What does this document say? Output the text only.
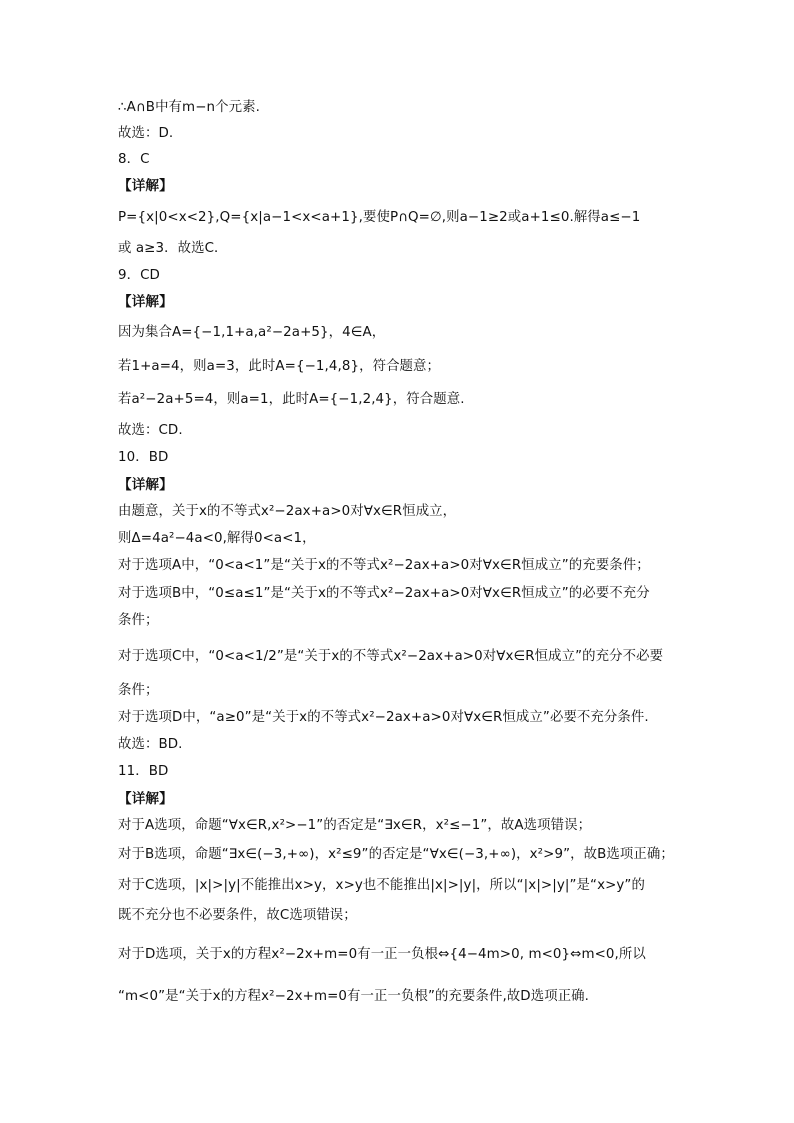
∴A∩B中有m−n个元素.
故选：D.
8．C
【详解】
P={x|0<x<2},Q={x|a−1<x<a+1},要使P∩Q=∅,则a−1≥2或a+1≤0.解得a≤−1
或 a≥3．故选C．
9．CD
【详解】
因为集合A={−1,1+a,a²−2a+5}，4∈A，
若1+a=4，则a=3，此时A={−1,4,8}，符合题意；
若a²−2a+5=4，则a=1，此时A={−1,2,4}，符合题意.
故选：CD.
10．BD
【详解】
由题意，关于x的不等式x²−2ax+a>0对∀x∈R恒成立，
则Δ=4a²−4a<0,解得0<a<1，
对于选项A中，“0<a<1”是“关于x的不等式x²−2ax+a>0对∀x∈R恒成立”的充要条件；
对于选项B中，“0≤a≤1”是“关于x的不等式x²−2ax+a>0对∀x∈R恒成立”的必要不充分
条件；
对于选项C中，“0<a<1/2”是“关于x的不等式x²−2ax+a>0对∀x∈R恒成立”的充分不必要
条件；
对于选项D中，“a≥0”是“关于x的不等式x²−2ax+a>0对∀x∈R恒成立”必要不充分条件.
故选：BD.
11．BD
【详解】
对于A选项，命题“∀x∈R,x²>−1”的否定是“∃x∈R，x²≤−1”，故A选项错误；
对于B选项，命题“∃x∈(−3,+∞)，x²≤9”的否定是“∀x∈(−3,+∞)，x²>9”，故B选项正确；
对于C选项，|x|>|y|不能推出x>y，x>y也不能推出|x|>|y|，所以“|x|>|y|”是“x>y”的
既不充分也不必要条件，故C选项错误；
对于D选项，关于x的方程x²−2x+m=0有一正一负根⇔{4−4m>0, m<0}⇔m<0,所以
“m<0”是“关于x的方程x²−2x+m=0有一正一负根”的充要条件,故D选项正确.
